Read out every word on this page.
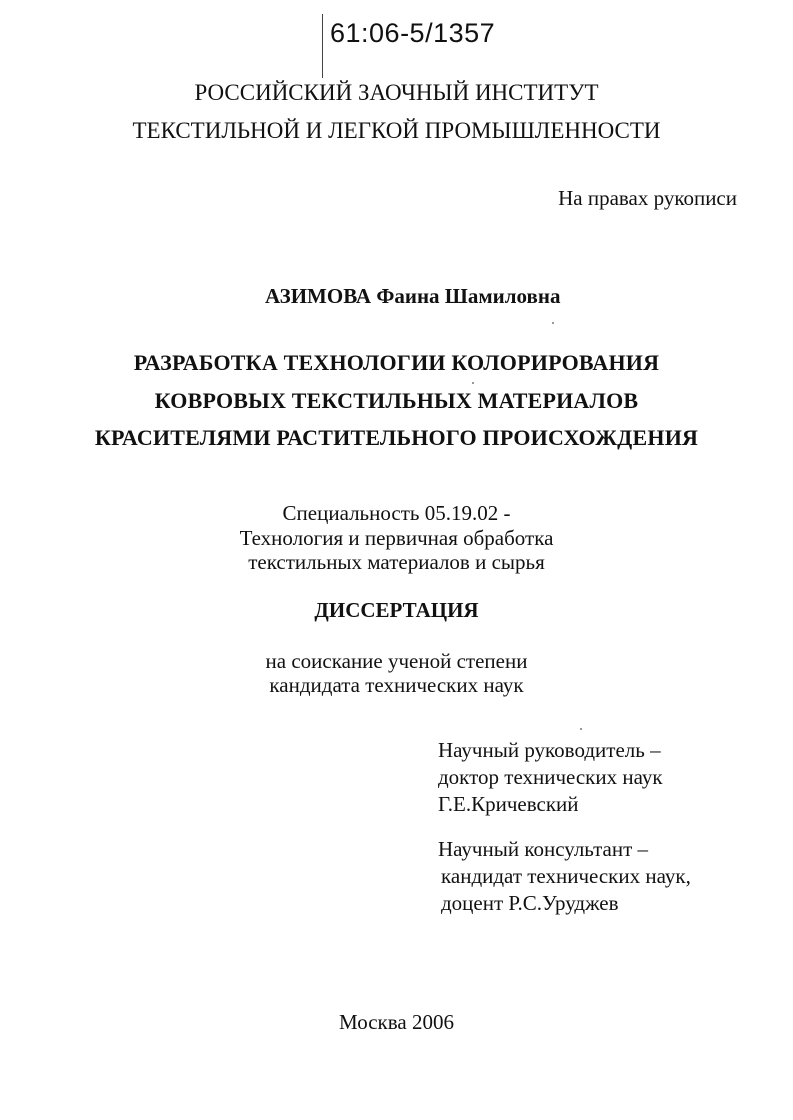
61:06-5/1357
РОССИЙСКИЙ ЗАОЧНЫЙ ИНСТИТУТ
ТЕКСТИЛЬНОЙ И ЛЕГКОЙ ПРОМЫШЛЕННОСТИ
На правах рукописи
АЗИМОВА Фаина Шамиловна
РАЗРАБОТКА ТЕХНОЛОГИИ КОЛОРИРОВАНИЯ
КОВРОВЫХ ТЕКСТИЛЬНЫХ МАТЕРИАЛОВ
КРАСИТЕЛЯМИ РАСТИТЕЛЬНОГО ПРОИСХОЖДЕНИЯ
Специальность 05.19.02 -
Технология и первичная обработка
текстильных материалов и сырья
ДИССЕРТАЦИЯ
на соискание ученой степени
кандидата технических наук
Научный руководитель –
доктор технических наук
Г.Е.Кричевский
Научный консультант –
кандидат технических наук,
доцент Р.С.Уруджев
Москва 2006
